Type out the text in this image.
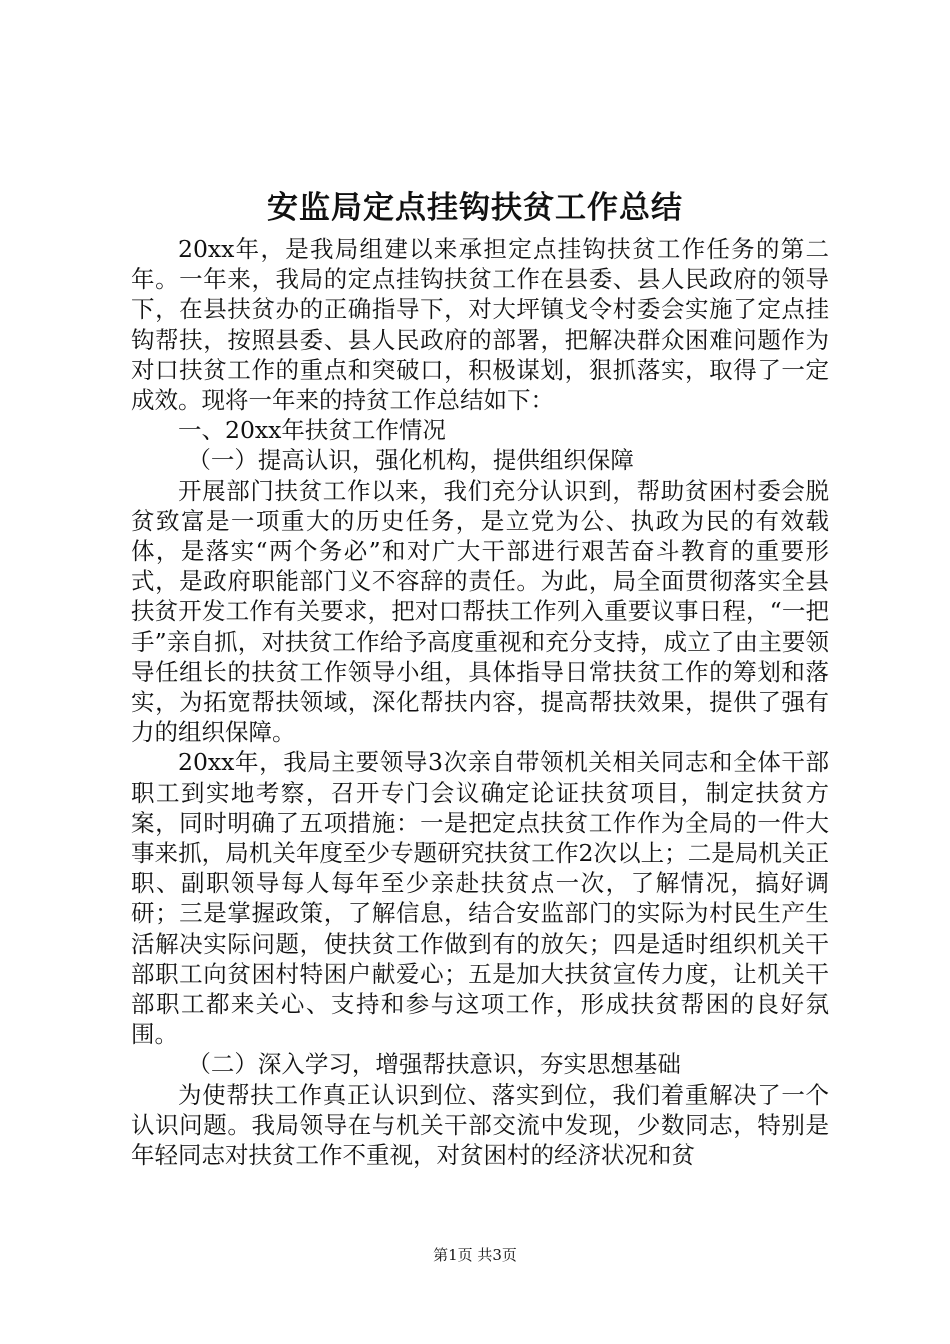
安监局定点挂钩扶贫工作总结

20xx年，是我局组建以来承担定点挂钩扶贫工作任务的第二年。一年来，我局的定点挂钩扶贫工作在县委、县人民政府的领导下，在县扶贫办的正确指导下，对大坪镇戈令村委会实施了定点挂钩帮扶，按照县委、县人民政府的部署，把解决群众困难问题作为对口扶贫工作的重点和突破口，积极谋划，狠抓落实，取得了一定成效。现将一年来的持贫工作总结如下：

一、20xx年扶贫工作情况

（一）提高认识，强化机构，提供组织保障

开展部门扶贫工作以来，我们充分认识到，帮助贫困村委会脱贫致富是一项重大的历史任务，是立党为公、执政为民的有效载体，是落实“两个务必”和对广大干部进行艰苦奋斗教育的重要形式，是政府职能部门义不容辞的责任。为此，局全面贯彻落实全县扶贫开发工作有关要求，把对口帮扶工作列入重要议事日程，“一把手”亲自抓，对扶贫工作给予高度重视和充分支持，成立了由主要领导任组长的扶贫工作领导小组，具体指导日常扶贫工作的筹划和落实，为拓宽帮扶领域，深化帮扶内容，提高帮扶效果，提供了强有力的组织保障。

20xx年，我局主要领导3次亲自带领机关相关同志和全体干部职工到实地考察，召开专门会议确定论证扶贫项目，制定扶贫方案，同时明确了五项措施：一是把定点扶贫工作作为全局的一件大事来抓，局机关年度至少专题研究扶贫工作2次以上；二是局机关正职、副职领导每人每年至少亲赴扶贫点一次，了解情况，搞好调研；三是掌握政策，了解信息，结合安监部门的实际为村民生产生活解决实际问题，使扶贫工作做到有的放矢；四是适时组织机关干部职工向贫困村特困户献爱心；五是加大扶贫宣传力度，让机关干部职工都来关心、支持和参与这项工作，形成扶贫帮困的良好氛围。

（二）深入学习，增强帮扶意识，夯实思想基础

为使帮扶工作真正认识到位、落实到位，我们着重解决了一个认识问题。我局领导在与机关干部交流中发现，少数同志，特别是年轻同志对扶贫工作不重视，对贫困村的经济状况和贫

第1页 共3页
